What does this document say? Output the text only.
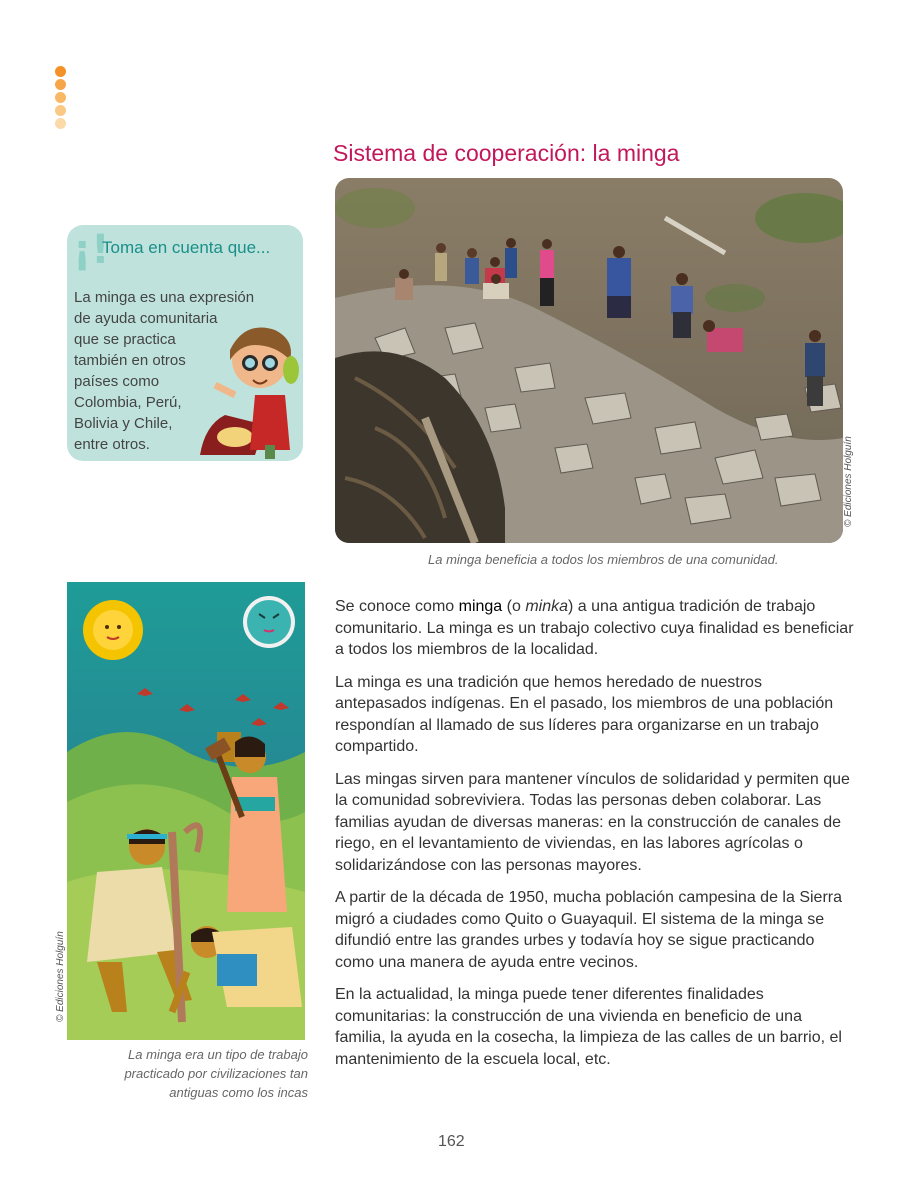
Sistema de cooperación: la minga
© Ediciones Holguín
La minga beneficia a todos los miembros de una comunidad.
¡!
Toma en cuenta que...
La minga es una expresión
de ayuda comunitaria
que se practica
también en otros
países como
Colombia, Perú,
Bolivia y Chile,
entre otros.
© Ediciones Holguín
La minga era un tipo de trabajo
practicado por civilizaciones tan
antiguas como los incas

Se conoce como minga (o minka) a una antigua tradición de trabajo comunitario. La minga es un trabajo colectivo cuya finalidad es beneficiar a todos los miembros de la localidad.

La minga es una tradición que hemos heredado de nuestros antepasados indígenas. En el pasado, los miembros de una población respondían al llamado de sus líderes para organizarse en un trabajo compartido.

Las mingas sirven para mantener vínculos de solidaridad y permiten que la comunidad sobreviviera. Todas las personas deben colaborar. Las familias ayudan de diversas maneras: en la construcción de canales de riego, en el levantamiento de viviendas, en las labores agrícolas o solidarizándose con las personas mayores.

A partir de la década de 1950, mucha población campesina de la Sierra migró a ciudades como Quito o Guayaquil. El sistema de la minga se difundió entre las grandes urbes y todavía hoy se sigue practicando como una manera de ayuda entre vecinos.

En la actualidad, la minga puede tener diferentes finalidades comunitarias: la construcción de una vivienda en beneficio de una familia, la ayuda en la cosecha, la limpieza de las calles de un barrio, el mantenimiento de la escuela local, etc.

162
